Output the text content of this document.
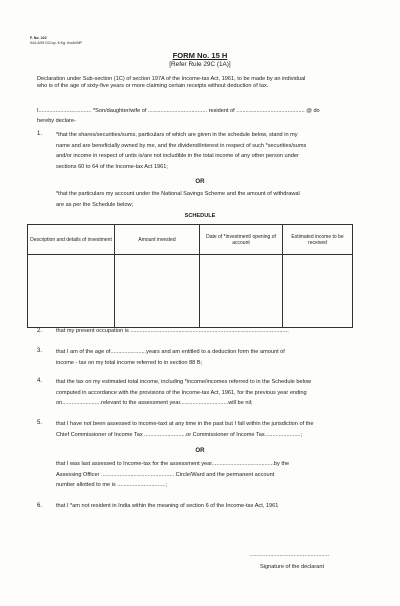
F. No. 222
944-4/09 G/Cop. 8 Kg. Kochi/NP
FORM No. 15 H
[Refer Rule 29C (1A)]
Declaration under Sub-section (1C) of section 197A of the Income-tax Act, 1961, to be made by an individual
who is of the age of sixty-five years or more claiming certain receipts without deduction of tax.
I.................................. *Son/daughter/wife of ...................................... resident of ............................................ @ do
hereby declare-
1. *that the shares/securities/sums, particulars of which are given in the schedule below, stand in my
name and are beneficially owned by me, and the dividend/interest in respect of such *securities/sums
and/or income in respect of units is/are not includible in the total income of any other person under
sections 60 to 64 of the Income-tax Act 1961;
OR
*that the particulars my account under the National Savings Scheme and the amount of withdrawal
are as per the Schedule below;
SCHEDULE
Description and details of investment	Amount invested	Date of *investment/ opening of account	Estimated income to be received

2. that my present occupation is ......................................................................................................
3. that I am of the age of.......................years and am entitled to a deduction form the amount of
income - tax on my total income referred to in section 88 B;
4. that the tax on my estimated total income, including *income/incomes referred to in the Schedule below
computed in accordance with the provisions of the Income-tax Act, 1961, for the previous year ending
on.........................relevant to the assessment year...............................will be nil;
5. that I have not been assessed to income-taxt at any time in the past but I fall within the jurisdiction of the
Chief Commissioner of Income Tax ...........................or Commissioner of Income Tax.......................;
OR
that I was last assessed to Income-tax for the assessment year........................................by the
Assessing Officer ............................................... Circle/Ward and the permanent account
number allotted to me is ...............................;
6. that I *am not resident in India within the meaning of section 6 of the Income-tax Act, 1961
...................................................
Signature of the declarant
